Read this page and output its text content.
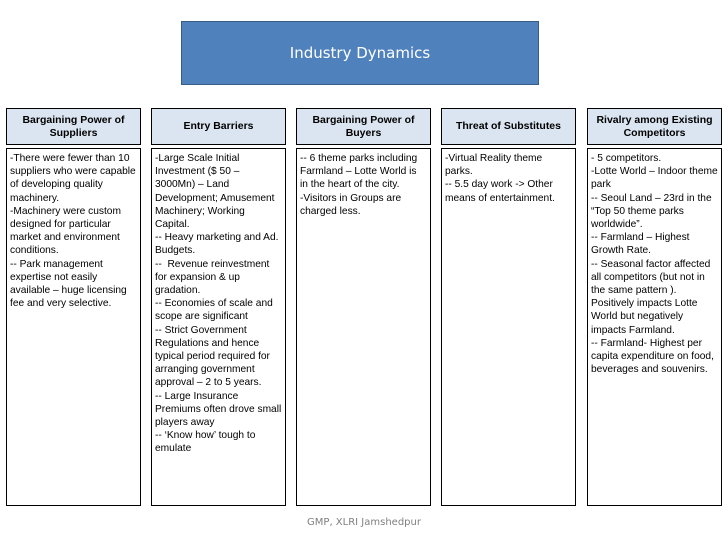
Industry Dynamics
Bargaining Power of Suppliers
-There were fewer than 10 suppliers who were capable of developing quality machinery.
-Machinery were custom designed for particular market and environment conditions.
-- Park management expertise not easily available – huge licensing fee and very selective.
Entry Barriers
-Large Scale Initial Investment ($ 50 – 3000Mn) – Land Development; Amusement Machinery; Working Capital.
-- Heavy marketing and Ad. Budgets.
--  Revenue reinvestment for expansion & up gradation.
-- Economies of scale and scope are significant
-- Strict Government Regulations and hence typical period required for arranging government approval – 2 to 5 years.
-- Large Insurance Premiums often drove small players away
-- ‘Know how’ tough to emulate
Bargaining Power of Buyers
-- 6 theme parks including Farmland – Lotte World is in the heart of the city.
-Visitors in Groups are charged less.
Threat of Substitutes
-Virtual Reality theme parks.
-- 5.5 day work -> Other means of entertainment.
Rivalry among Existing Competitors
- 5 competitors.
-Lotte World – Indoor theme park
-- Seoul Land – 23rd in the “Top 50 theme parks worldwide”.
-- Farmland – Highest Growth Rate.
-- Seasonal factor affected all competitors (but not in the same pattern ). Positively impacts Lotte World but negatively impacts Farmland.
-- Farmland- Highest per capita expenditure on food, beverages and souvenirs.
GMP, XLRI Jamshedpur
